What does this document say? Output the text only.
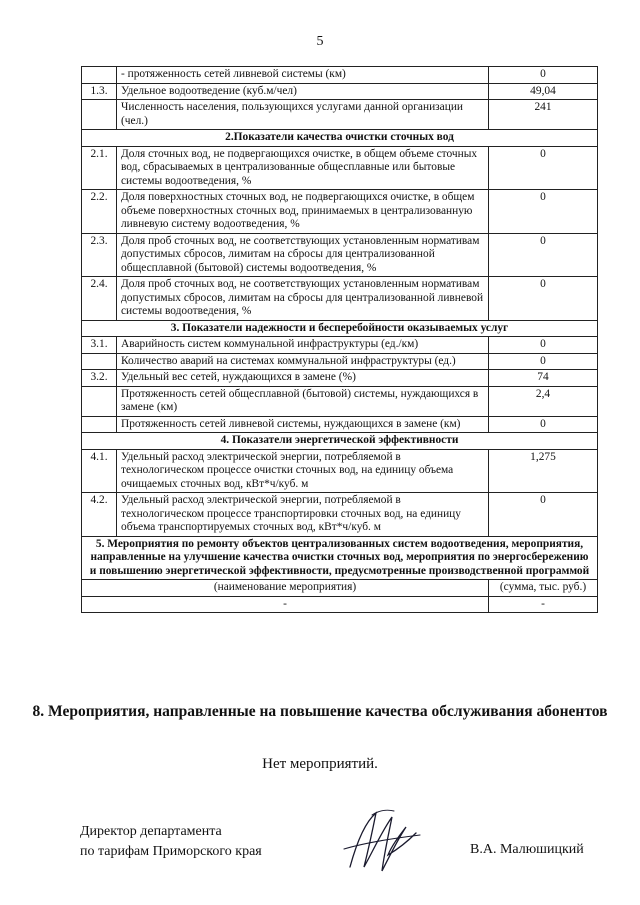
5
	- протяженность сетей ливневой системы (км)	0
1.3.	Удельное водоотведение (куб.м/чел)	49,04
	Численность населения, пользующихся услугами данной организации (чел.)	241
2.Показатели качества очистки сточных вод		
2.1.	Доля сточных вод, не подвергающихся очистке, в общем объеме сточных вод, сбрасываемых в централизованные общесплавные или бытовые системы водоотведения, %	0
2.2.	Доля поверхностных сточных вод, не подвергающихся очистке, в общем объеме поверхностных сточных вод, принимаемых в централизованную ливневую систему водоотведения, %	0
2.3.	Доля проб сточных вод, не соответствующих установленным нормативам допустимых сбросов, лимитам на сбросы для централизованной общесплавной (бытовой) системы водоотведения, %	0
2.4.	Доля проб сточных вод, не соответствующих установленным нормативам допустимых сбросов, лимитам на сбросы для централизованной ливневой системы водоотведения, %	0
3. Показатели надежности и бесперебойности оказываемых услуг		
3.1.	Аварийность систем коммунальной инфраструктуры (ед./км)	0
	Количество аварий на системах коммунальной инфраструктуры (ед.)	0
3.2.	Удельный вес сетей, нуждающихся в замене (%)	74
	Протяженность сетей общесплавной (бытовой) системы, нуждающихся в замене (км)	2,4
	Протяженность сетей ливневой системы, нуждающихся в замене (км)	0
4. Показатели энергетической эффективности		
4.1.	Удельный расход электрической энергии, потребляемой в технологическом процессе очистки сточных вод, на единицу объема очищаемых сточных вод, кВт*ч/куб. м	1,275
4.2.	Удельный расход электрической энергии, потребляемой в технологическом процессе транспортировки сточных вод, на единицу объема транспортируемых сточных вод, кВт*ч/куб. м	0
5. Мероприятия по ремонту объектов централизованных систем водоотведения, мероприятия, направленные на улучшение качества очистки сточных вод, мероприятия по энергосбережению и повышению энергетической эффективности, предусмотренные производственной программой		
(наименование мероприятия)		(сумма, тыс. руб.)
-		-
8. Мероприятия, направленные на повышение качества обслуживания абонентов
Нет мероприятий.
Директор департамента
по тарифам Приморского края	В.А. Малюшицкий
